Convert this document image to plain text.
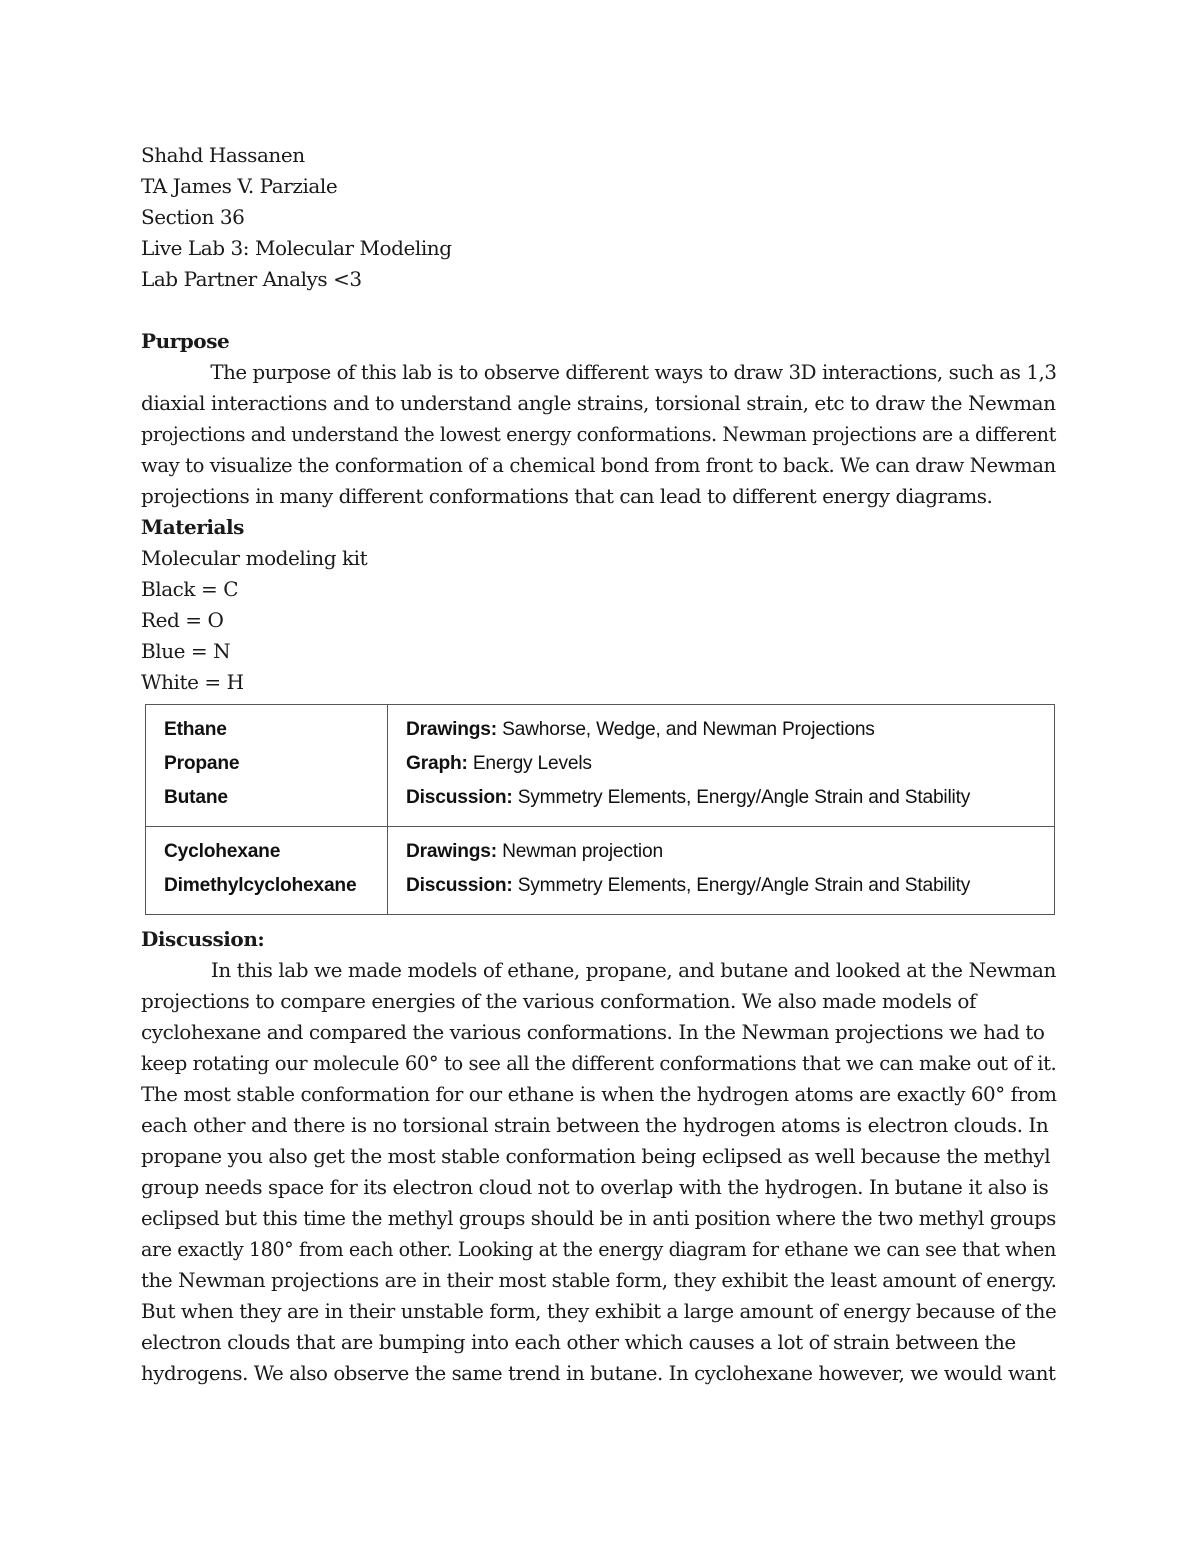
Shahd Hassanen
TA James V. Parziale
Section 36
Live Lab 3: Molecular Modeling
Lab Partner Analys <3
Purpose
The purpose of this lab is to observe different ways to draw 3D interactions, such as 1,3
diaxial interactions and to understand angle strains, torsional strain, etc to draw the Newman
projections and understand the lowest energy conformations. Newman projections are a different
way to visualize the conformation of a chemical bond from front to back. We can draw Newman
projections in many different conformations that can lead to different energy diagrams.
Materials
Molecular modeling kit
Black = C
Red = O
Blue = N
White = H
Ethane
Propane
Butane	Drawings: Sawhorse, Wedge, and Newman Projections
Graph: Energy Levels
Discussion: Symmetry Elements, Energy/Angle Strain and Stability

Cyclohexane
Dimethylcyclohexane	Drawings: Newman projection
Discussion: Symmetry Elements, Energy/Angle Strain and Stability
Discussion:
In this lab we made models of ethane, propane, and butane and looked at the Newman
projections to compare energies of the various conformation. We also made models of
cyclohexane and compared the various conformations. In the Newman projections we had to
keep rotating our molecule 60° to see all the different conformations that we can make out of it.
The most stable conformation for our ethane is when the hydrogen atoms are exactly 60° from
each other and there is no torsional strain between the hydrogen atoms is electron clouds. In
propane you also get the most stable conformation being eclipsed as well because the methyl
group needs space for its electron cloud not to overlap with the hydrogen. In butane it also is
eclipsed but this time the methyl groups should be in anti position where the two methyl groups
are exactly 180° from each other. Looking at the energy diagram for ethane we can see that when
the Newman projections are in their most stable form, they exhibit the least amount of energy.
But when they are in their unstable form, they exhibit a large amount of energy because of the
electron clouds that are bumping into each other which causes a lot of strain between the
hydrogens. We also observe the same trend in butane. In cyclohexane however, we would want
